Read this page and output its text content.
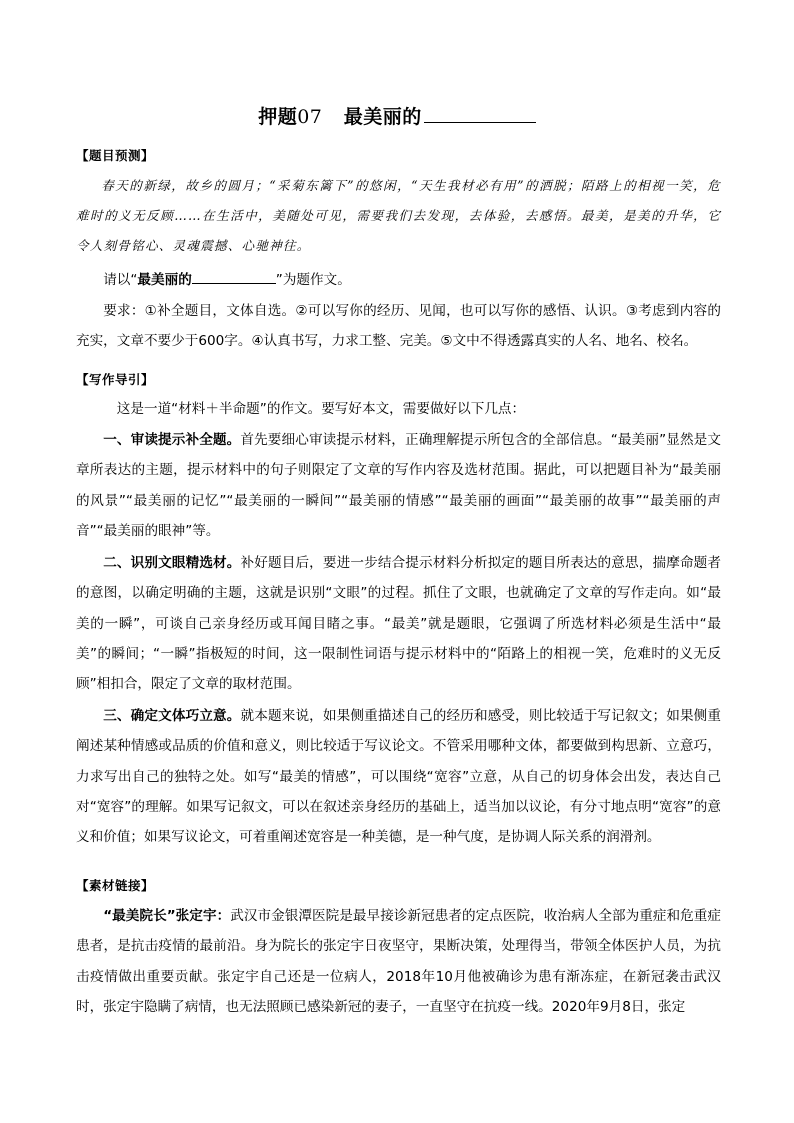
押题07 最美丽的
【题目预测】

春天的新绿，故乡的圆月；“采菊东篱下”的悠闲，“天生我材必有用”的洒脱；陌路上的相视一笑，危难时的义无反顾……在生活中，美随处可见，需要我们去发现，去体验，去感悟。最美，是美的升华，它令人刻骨铭心、灵魂震撼、心驰神往。

请以“最美丽的	”为题作文。

要求：①补全题目，文体自选。②可以写你的经历、见闻，也可以写你的感悟、认识。③考虑到内容的充实，文章不要少于600字。④认真书写，力求工整、完美。⑤文中不得透露真实的人名、地名、校名。

【写作导引】

这是一道“材料＋半命题”的作文。要写好本文，需要做好以下几点：

一、审读提示补全题。首先要细心审读提示材料，正确理解提示所包含的全部信息。“最美丽”显然是文章所表达的主题，提示材料中的句子则限定了文章的写作内容及选材范围。据此，可以把题目补为“最美丽的风景”“最美丽的记忆”“最美丽的一瞬间”“最美丽的情感”“最美丽的画面”“最美丽的故事”“最美丽的声音”“最美丽的眼神”等。

二、识别文眼精选材。补好题目后，要进一步结合提示材料分析拟定的题目所表达的意思，揣摩命题者的意图，以确定明确的主题，这就是识别“文眼”的过程。抓住了文眼，也就确定了文章的写作走向。如“最美的一瞬”，可谈自己亲身经历或耳闻目睹之事。“最美”就是题眼，它强调了所选材料必须是生活中“最美”的瞬间；“一瞬”指极短的时间，这一限制性词语与提示材料中的“陌路上的相视一笑，危难时的义无反顾”相扣合，限定了文章的取材范围。

三、确定文体巧立意。就本题来说，如果侧重描述自己的经历和感受，则比较适于写记叙文；如果侧重阐述某种情感或品质的价值和意义，则比较适于写议论文。不管采用哪种文体，都要做到构思新、立意巧，力求写出自己的独特之处。如写“最美的情感”，可以围绕“宽容”立意，从自己的切身体会出发，表达自己对“宽容”的理解。如果写记叙文，可以在叙述亲身经历的基础上，适当加以议论，有分寸地点明“宽容”的意义和价值；如果写议论文，可着重阐述宽容是一种美德，是一种气度，是协调人际关系的润滑剂。

【素材链接】

“最美院长”张定宇：武汉市金银潭医院是最早接诊新冠患者的定点医院，收治病人全部为重症和危重症患者，是抗击疫情的最前沿。身为院长的张定宇日夜坚守，果断决策，处理得当，带领全体医护人员，为抗击疫情做出重要贡献。张定宇自己还是一位病人，2018年10月他被确诊为患有渐冻症，在新冠袭击武汉时，张定宇隐瞒了病情，也无法照顾已感染新冠的妻子，一直坚守在抗疫一线。2020年9月8日，张定
